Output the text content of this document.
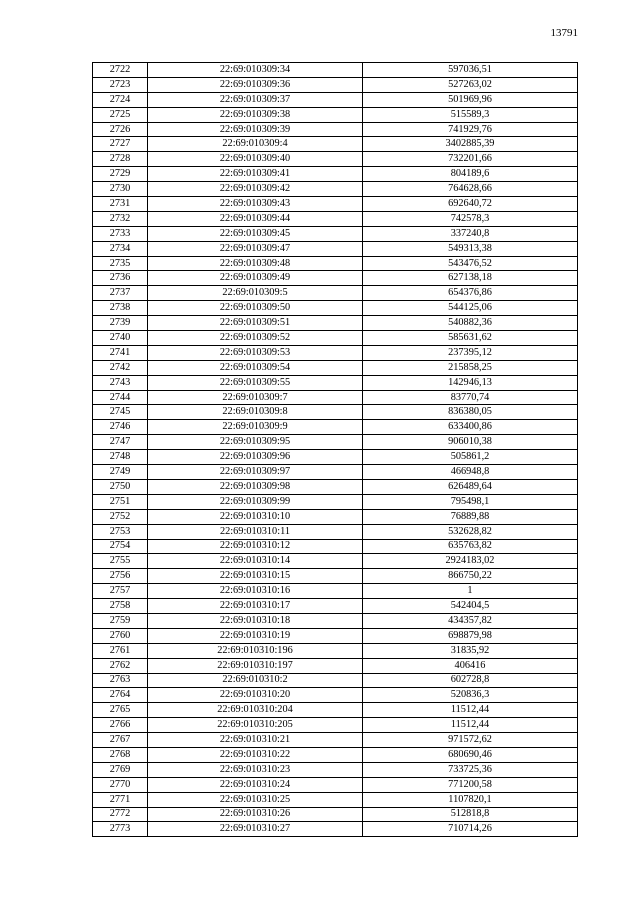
13791
2722	22:69:010309:34	597036,51
2723	22:69:010309:36	527263,02
2724	22:69:010309:37	501969,96
2725	22:69:010309:38	515589,3
2726	22:69:010309:39	741929,76
2727	22:69:010309:4	3402885,39
2728	22:69:010309:40	732201,66
2729	22:69:010309:41	804189,6
2730	22:69:010309:42	764628,66
2731	22:69:010309:43	692640,72
2732	22:69:010309:44	742578,3
2733	22:69:010309:45	337240,8
2734	22:69:010309:47	549313,38
2735	22:69:010309:48	543476,52
2736	22:69:010309:49	627138,18
2737	22:69:010309:5	654376,86
2738	22:69:010309:50	544125,06
2739	22:69:010309:51	540882,36
2740	22:69:010309:52	585631,62
2741	22:69:010309:53	237395,12
2742	22:69:010309:54	215858,25
2743	22:69:010309:55	142946,13
2744	22:69:010309:7	83770,74
2745	22:69:010309:8	836380,05
2746	22:69:010309:9	633400,86
2747	22:69:010309:95	906010,38
2748	22:69:010309:96	505861,2
2749	22:69:010309:97	466948,8
2750	22:69:010309:98	626489,64
2751	22:69:010309:99	795498,1
2752	22:69:010310:10	76889,88
2753	22:69:010310:11	532628,82
2754	22:69:010310:12	635763,82
2755	22:69:010310:14	2924183,02
2756	22:69:010310:15	866750,22
2757	22:69:010310:16	1
2758	22:69:010310:17	542404,5
2759	22:69:010310:18	434357,82
2760	22:69:010310:19	698879,98
2761	22:69:010310:196	31835,92
2762	22:69:010310:197	406416
2763	22:69:010310:2	602728,8
2764	22:69:010310:20	520836,3
2765	22:69:010310:204	11512,44
2766	22:69:010310:205	11512,44
2767	22:69:010310:21	971572,62
2768	22:69:010310:22	680690,46
2769	22:69:010310:23	733725,36
2770	22:69:010310:24	771200,58
2771	22:69:010310:25	1107820,1
2772	22:69:010310:26	512818,8
2773	22:69:010310:27	710714,26
